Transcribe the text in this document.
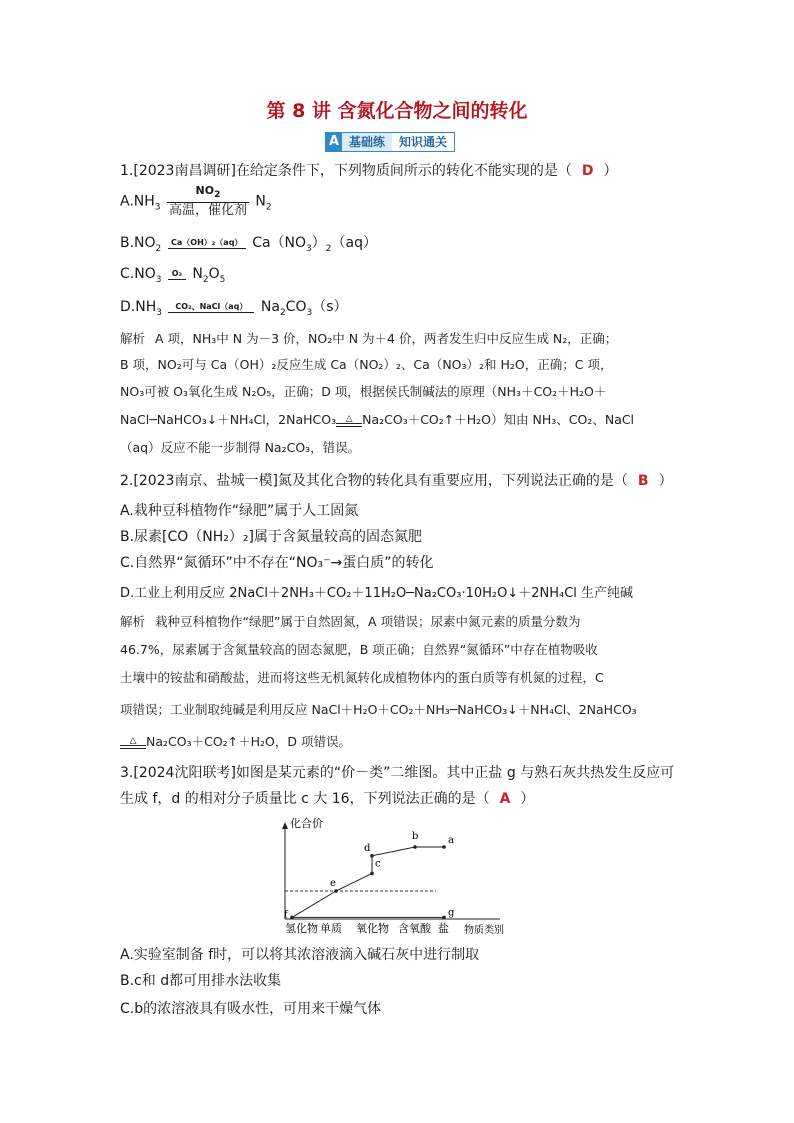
第 8 讲 含氮化合物之间的转化
A 基础练	知识通关
1.[2023南昌调研]在给定条件下，下列物质间所示的转化不能实现的是（ D ）
$A.NH_3$
$NO_2$
高温，催化剂
$N_2$
$B.NO_2$
Ca（OH）₂（aq） $Ca(NO_3)_2(aq)$
$C.NO_3$
O₃ $N_2O_5$
$D.NH_3$
CO₂、NaCl（aq） $Na_2CO_3(s)$
解析 A 项，NH₃中 N 为－3 价，NO₂中 N 为＋4 价，两者发生归中反应生成 N₂，正确；
B 项，NO₂可与 Ca（OH）₂反应生成 Ca（NO₂）₂、Ca（NO₃）₂和 H₂O，正确；C 项，
NO₃可被 O₃氧化生成 N₂O₅，正确；D 项，根据侯氏制碱法的原理（NH₃＋CO₂＋H₂O＋
NaCl─NaHCO₃↓＋NH₄Cl，2NaHCO₃ △ Na₂CO₃＋CO₂↑＋H₂O）知由 NH₃、CO₂、NaCl
（aq）反应不能一步制得 Na₂CO₃，错误。
2.[2023南京、盐城一模]氮及其化合物的转化具有重要应用，下列说法正确的是（ B ）
A.栽种豆科植物作“绿肥”属于人工固氮
B.尿素[CO（NH₂）₂]属于含氮量较高的固态氮肥
C.自然界“氮循环”中不存在“NO₃⁻→蛋白质”的转化
D.工业上利用反应 2NaCl＋2NH₃＋CO₂＋11H₂O─Na₂CO₃·10H₂O↓＋2NH₄Cl 生产纯碱
解析 栽种豆科植物作“绿肥”属于自然固氮，A 项错误；尿素中氮元素的质量分数为
46.7%，尿素属于含氮量较高的固态氮肥，B 项正确；自然界“氮循环”中存在植物吸收
土壤中的铵盐和硝酸盐，进而将这些无机氮转化成植物体内的蛋白质等有机氮的过程，C
项错误；工业制取纯碱是利用反应 NaCl＋H₂O＋CO₂＋NH₃─NaHCO₃↓＋NH₄Cl、2NaHCO₃
△ Na₂CO₃＋CO₂↑＋H₂O，D 项错误。
3.[2024沈阳联考]如图是某元素的“价－类”二维图。其中正盐 g 与熟石灰共热发生反应可
生成 f，d 的相对分子质量比 c 大 16，下列说法正确的是（ A ）
化合价
物质类别
f
e
c
d
b	a
g
氢化物 单质 氧化物 含氧酸 盐
A.实验室制备 f时，可以将其浓溶液滴入碱石灰中进行制取
B.c和 d都可用排水法收集
C.b的浓溶液具有吸水性，可用来干燥气体
